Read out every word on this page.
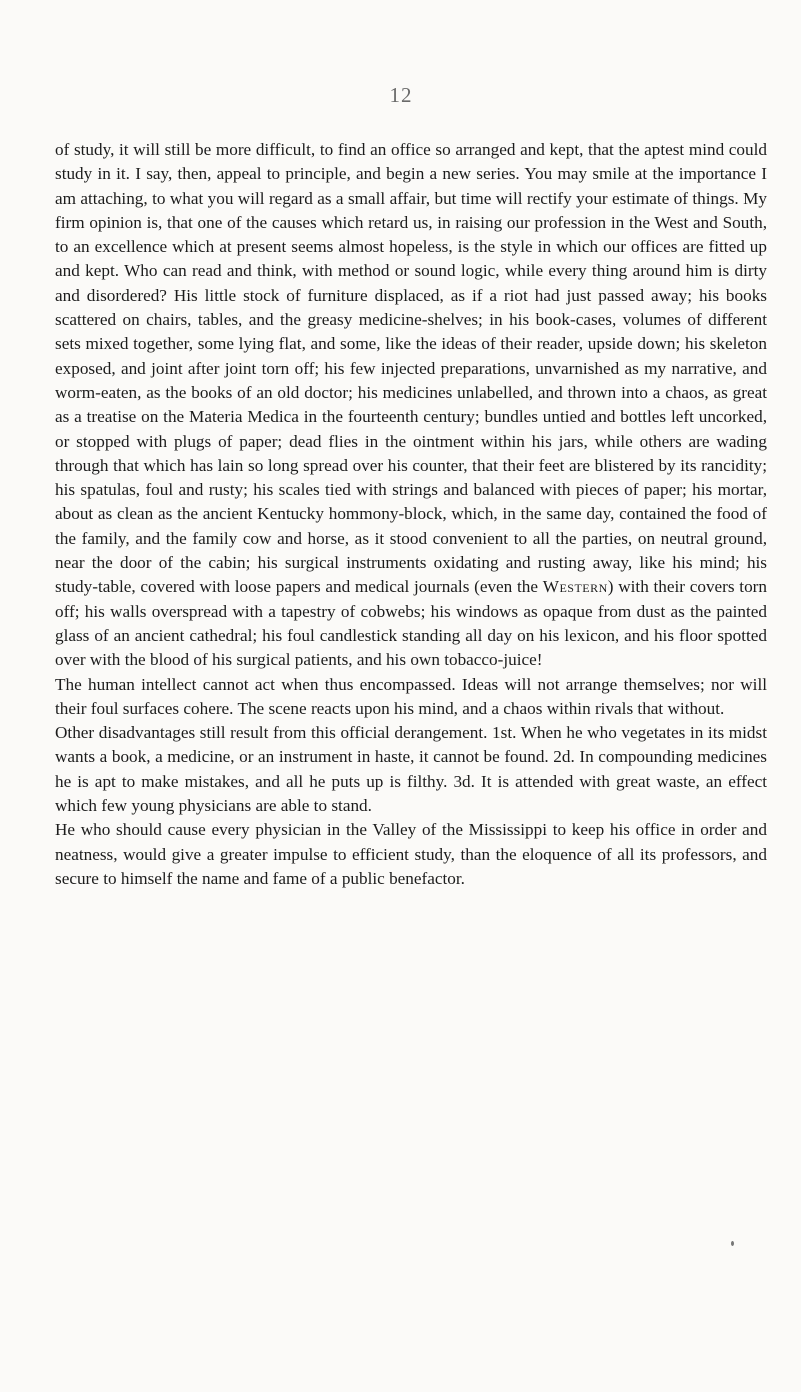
12

of study, it will still be more difficult, to find an office so arranged and kept, that the aptest mind could study in it. I say, then, appeal to principle, and begin a new series. You may smile at the importance I am attaching, to what you will regard as a small affair, but time will rectify your estimate of things. My firm opinion is, that one of the causes which retard us, in raising our profession in the West and South, to an excellence which at present seems almost hopeless, is the style in which our offices are fitted up and kept. Who can read and think, with method or sound logic, while every thing around him is dirty and disordered? His little stock of furniture displaced, as if a riot had just passed away; his books scattered on chairs, tables, and the greasy medicine-shelves; in his book-cases, volumes of different sets mixed together, some lying flat, and some, like the ideas of their reader, upside down; his skeleton exposed, and joint after joint torn off; his few injected preparations, unvarnished as my narrative, and worm-eaten, as the books of an old doctor; his medicines unlabelled, and thrown into a chaos, as great as a treatise on the Materia Medica in the fourteenth century; bundles untied and bottles left uncorked, or stopped with plugs of paper; dead flies in the ointment within his jars, while others are wading through that which has lain so long spread over his counter, that their feet are blistered by its rancidity; his spatulas, foul and rusty; his scales tied with strings and balanced with pieces of paper; his mortar, about as clean as the ancient Kentucky hommony-block, which, in the same day, contained the food of the family, and the family cow and horse, as it stood convenient to all the parties, on neutral ground, near the door of the cabin; his surgical instruments oxidating and rusting away, like his mind; his study-table, covered with loose papers and medical journals (even the Western) with their covers torn off; his walls overspread with a tapestry of cobwebs; his windows as opaque from dust as the painted glass of an ancient cathedral; his foul candlestick standing all day on his lexicon, and his floor spotted over with the blood of his surgical patients, and his own tobacco-juice!

The human intellect cannot act when thus encompassed. Ideas will not arrange themselves; nor will their foul surfaces cohere. The scene reacts upon his mind, and a chaos within rivals that without.

Other disadvantages still result from this official derangement. 1st. When he who vegetates in its midst wants a book, a medicine, or an instrument in haste, it cannot be found. 2d. In compounding medicines he is apt to make mistakes, and all he puts up is filthy. 3d. It is attended with great waste, an effect which few young physicians are able to stand.

He who should cause every physician in the Valley of the Mississippi to keep his office in order and neatness, would give a greater impulse to efficient study, than the eloquence of all its professors, and secure to himself the name and fame of a public benefactor.
